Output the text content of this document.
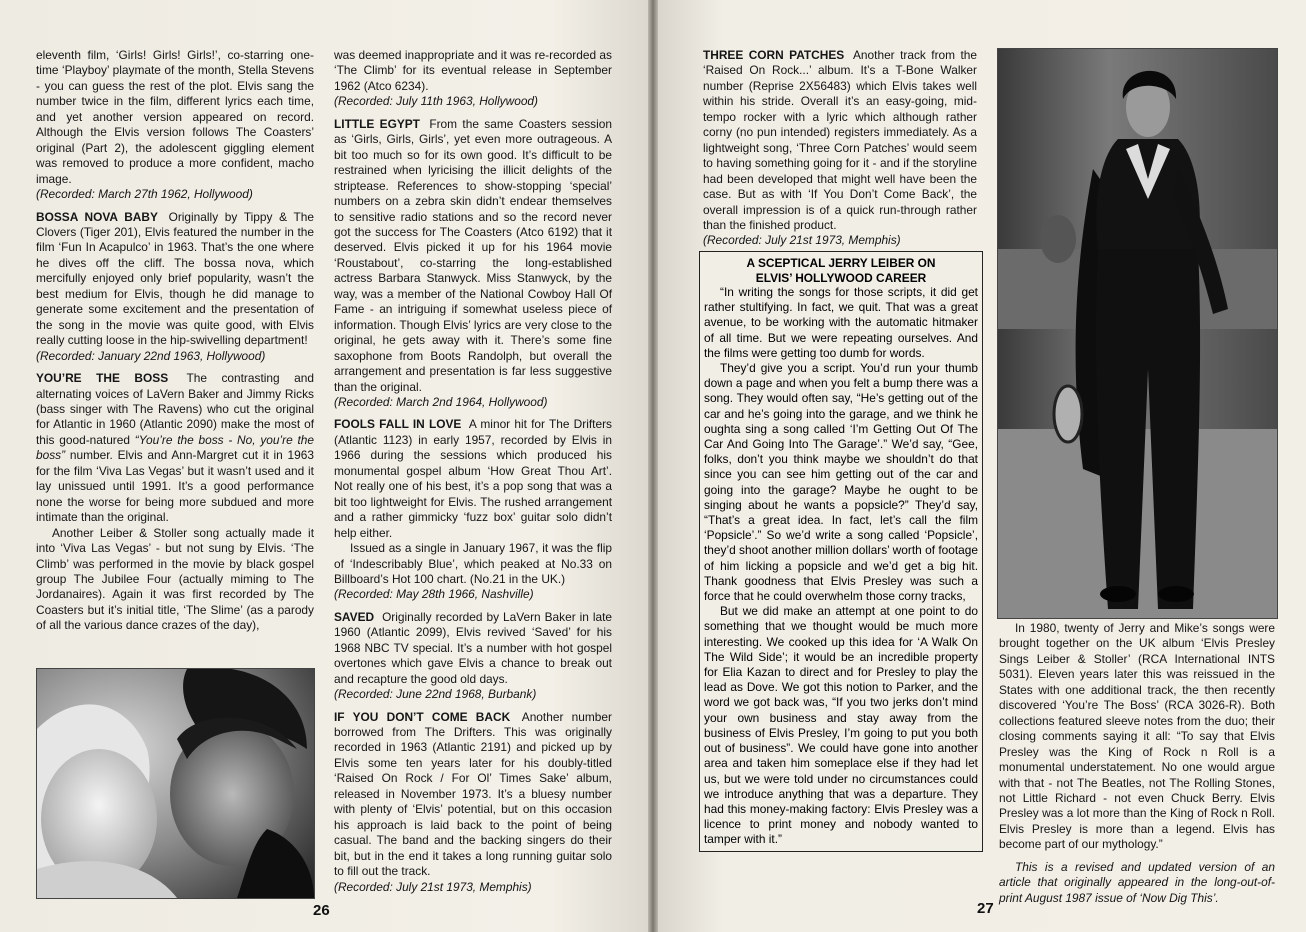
eleventh film, ‘Girls! Girls! Girls!’, co-starring one-time ‘Playboy’ playmate of the month, Stella Stevens - you can guess the rest of the plot. Elvis sang the number twice in the film, different lyrics each time, and yet another version appeared on record. Although the Elvis version follows The Coasters’ original (Part 2), the adolescent giggling element was removed to produce a more confident, macho image.

(Recorded: March 27th 1962, Hollywood)

BOSSA NOVA BABY Originally by Tippy & The Clovers (Tiger 201), Elvis featured the number in the film ‘Fun In Acapulco’ in 1963. That’s the one where he dives off the cliff. The bossa nova, which mercifully enjoyed only brief popularity, wasn’t the best medium for Elvis, though he did manage to generate some excitement and the presentation of the song in the movie was quite good, with Elvis really cutting loose in the hip-swivelling department!

(Recorded: January 22nd 1963, Hollywood)

YOU’RE THE BOSS The contrasting and alternating voices of LaVern Baker and Jimmy Ricks (bass singer with The Ravens) who cut the original for Atlantic in 1960 (Atlantic 2090) make the most of this good-natured “You’re the boss - No, you’re the boss” number. Elvis and Ann-Margret cut it in 1963 for the film ‘Viva Las Vegas’ but it wasn’t used and it lay unissued until 1991. It’s a good performance none the worse for being more subdued and more intimate than the original.

Another Leiber & Stoller song actually made it into ‘Viva Las Vegas’ - but not sung by Elvis. ‘The Climb’ was performed in the movie by black gospel group The Jubilee Four (actually miming to The Jordanaires). Again it was first recorded by The Coasters but it’s initial title, ‘The Slime’ (as a parody of all the various dance crazes of the day),

was deemed inappropriate and it was re-recorded as ‘The Climb’ for its eventual release in September 1962 (Atco 6234).

(Recorded: July 11th 1963, Hollywood)

LITTLE EGYPT From the same Coasters session as ‘Girls, Girls, Girls’, yet even more outrageous. A bit too much so for its own good. It’s difficult to be restrained when lyricising the illicit delights of the striptease. References to show-stopping ‘special’ numbers on a zebra skin didn’t endear themselves to sensitive radio stations and so the record never got the success for The Coasters (Atco 6192) that it deserved. Elvis picked it up for his 1964 movie ‘Roustabout’, co-starring the long-established actress Barbara Stanwyck. Miss Stanwyck, by the way, was a member of the National Cowboy Hall Of Fame - an intriguing if somewhat useless piece of information. Though Elvis’ lyrics are very close to the original, he gets away with it. There’s some fine saxophone from Boots Randolph, but overall the arrangement and presentation is far less suggestive than the original.

(Recorded: March 2nd 1964, Hollywood)

FOOLS FALL IN LOVE A minor hit for The Drifters (Atlantic 1123) in early 1957, recorded by Elvis in 1966 during the sessions which produced his monumental gospel album ‘How Great Thou Art’. Not really one of his best, it’s a pop song that was a bit too lightweight for Elvis. The rushed arrangement and a rather gimmicky ‘fuzz box’ guitar solo didn’t help either.

Issued as a single in January 1967, it was the flip of ‘Indescribably Blue’, which peaked at No.33 on Billboard’s Hot 100 chart. (No.21 in the UK.)

(Recorded: May 28th 1966, Nashville)

SAVED Originally recorded by LaVern Baker in late 1960 (Atlantic 2099), Elvis revived ‘Saved’ for his 1968 NBC TV special. It’s a number with hot gospel overtones which gave Elvis a chance to break out and recapture the good old days.

(Recorded: June 22nd 1968, Burbank)

IF YOU DON’T COME BACK Another number borrowed from The Drifters. This was originally recorded in 1963 (Atlantic 2191) and picked up by Elvis some ten years later for his doubly-titled ‘Raised On Rock / For Ol’ Times Sake’ album, released in November 1973. It’s a bluesy number with plenty of ‘Elvis’ potential, but on this occasion his approach is laid back to the point of being casual. The band and the backing singers do their bit, but in the end it takes a long running guitar solo to fill out the track.

(Recorded: July 21st 1973, Memphis)

26

THREE CORN PATCHES Another track from the ‘Raised On Rock...’ album. It’s a T-Bone Walker number (Reprise 2X56483) which Elvis takes well within his stride. Overall it’s an easy-going, mid-tempo rocker with a lyric which although rather corny (no pun intended) registers immediately. As a lightweight song, ‘Three Corn Patches’ would seem to having something going for it - and if the storyline had been developed that might well have been the case. But as with ‘If You Don’t Come Back’, the overall impression is of a quick run-through rather than the finished product.

(Recorded: July 21st 1973, Memphis)

A SCEPTICAL JERRY LEIBER ON
ELVIS’ HOLLYWOOD CAREER

“In writing the songs for those scripts, it did get rather stultifying. In fact, we quit. That was a great avenue, to be working with the automatic hitmaker of all time. But we were repeating ourselves. And the films were getting too dumb for words.

They’d give you a script. You’d run your thumb down a page and when you felt a bump there was a song. They would often say, “He’s getting out of the car and he’s going into the garage, and we think he oughta sing a song called ‘I’m Getting Out Of The Car And Going Into The Garage’.” We’d say, “Gee, folks, don’t you think maybe we shouldn’t do that since you can see him getting out of the car and going into the garage? Maybe he ought to be singing about he wants a popsicle?” They’d say, “That’s a great idea. In fact, let’s call the film ‘Popsicle’.” So we’d write a song called ‘Popsicle’, they’d shoot another million dollars’ worth of footage of him licking a popsicle and we’d get a big hit. Thank goodness that Elvis Presley was such a force that he could overwhelm those corny tracks,

But we did make an attempt at one point to do something that we thought would be much more interesting. We cooked up this idea for ‘A Walk On The Wild Side’; it would be an incredible property for Elia Kazan to direct and for Presley to play the lead as Dove. We got this notion to Parker, and the word we got back was, “If you two jerks don’t mind your own business and stay away from the business of Elvis Presley, I’m going to put you both out of business”. We could have gone into another area and taken him someplace else if they had let us, but we were told under no circumstances could we introduce anything that was a departure. They had this money-making factory: Elvis Presley was a licence to print money and nobody wanted to tamper with it.”

In 1980, twenty of Jerry and Mike’s songs were brought together on the UK album ‘Elvis Presley Sings Leiber & Stoller’ (RCA International INTS 5031). Eleven years later this was reissued in the States with one additional track, the then recently discovered ‘You’re The Boss’ (RCA 3026-R). Both collections featured sleeve notes from the duo; their closing comments saying it all: “To say that Elvis Presley was the King of Rock n Roll is a monumental understatement. No one would argue with that - not The Beatles, not The Rolling Stones, not Little Richard - not even Chuck Berry. Elvis Presley was a lot more than the King of Rock n Roll. Elvis Presley is more than a legend. Elvis has become part of our mythology.”

This is a revised and updated version of an article that originally appeared in the long-out-of-print August 1987 issue of ‘Now Dig This’.

27
